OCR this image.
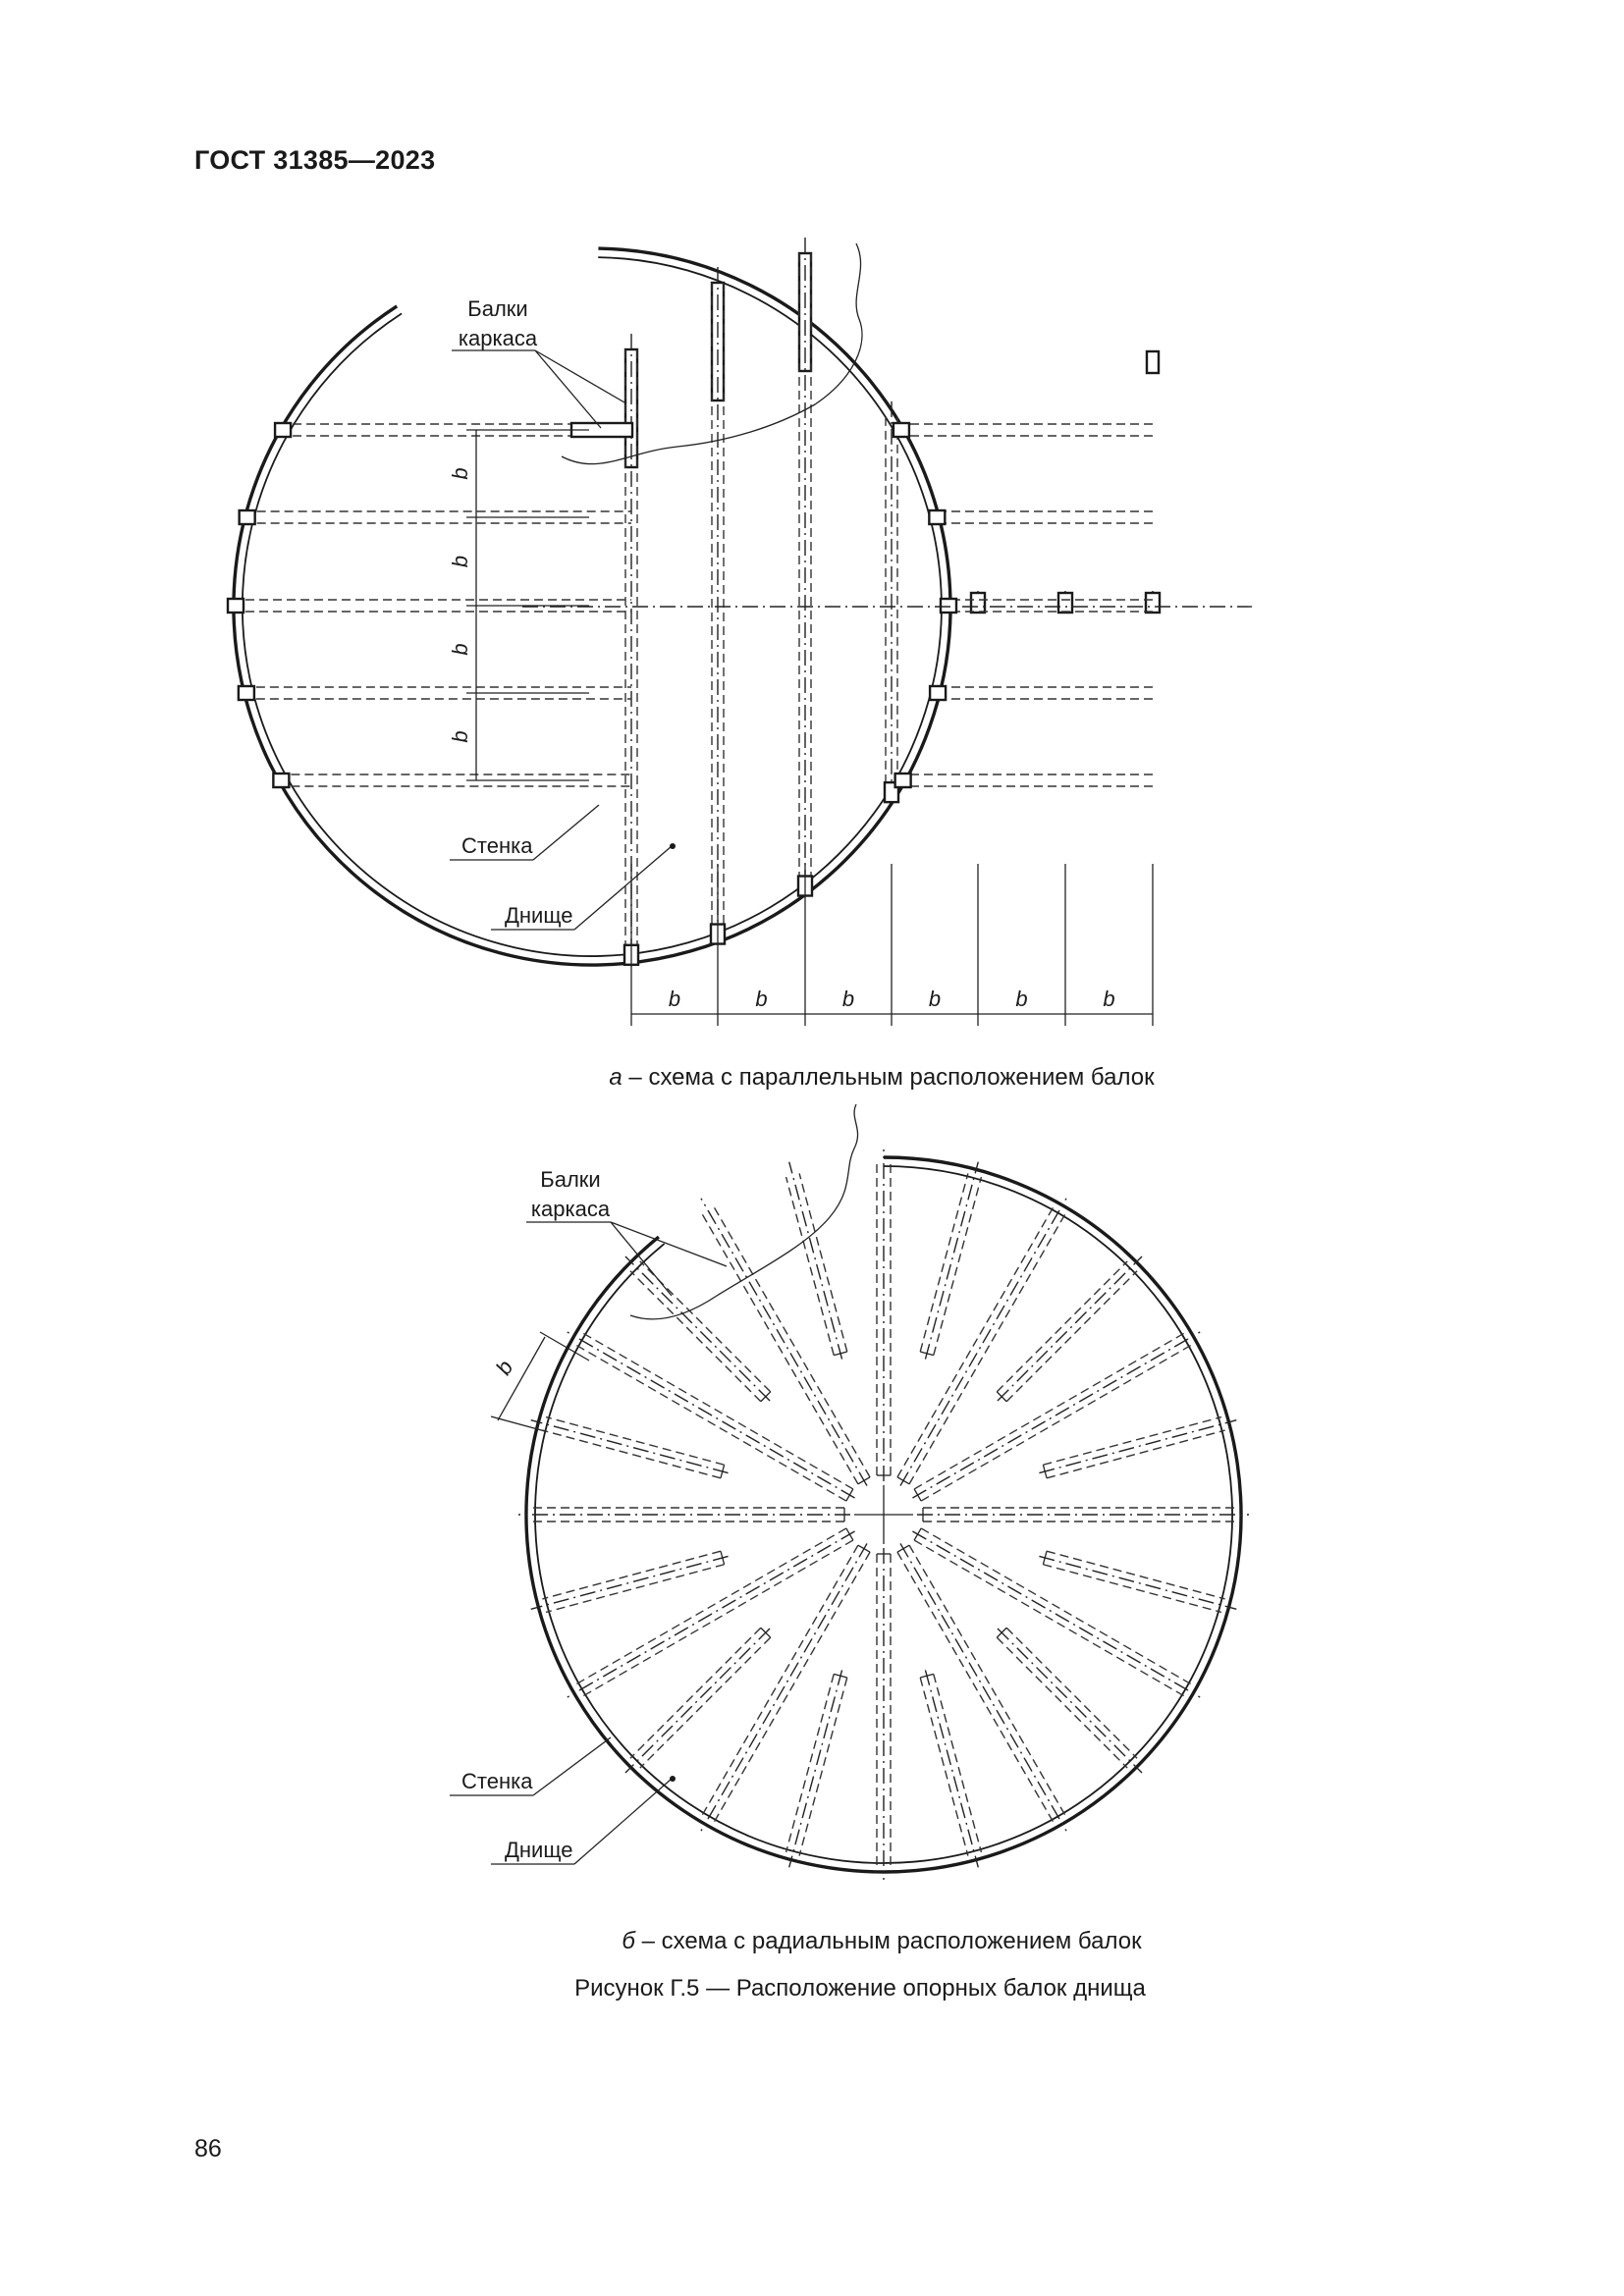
ГОСТ 31385—2023
Балки
каркаса
Стенка
Днище
b	b	b	b	b	b
b
b
b
b
а – схема с параллельным расположением балок
Балки
каркаса
Стенка
Днище
b
б – схема с радиальным расположением балок
Рисунок Г.5 — Расположение опорных балок днища
86
